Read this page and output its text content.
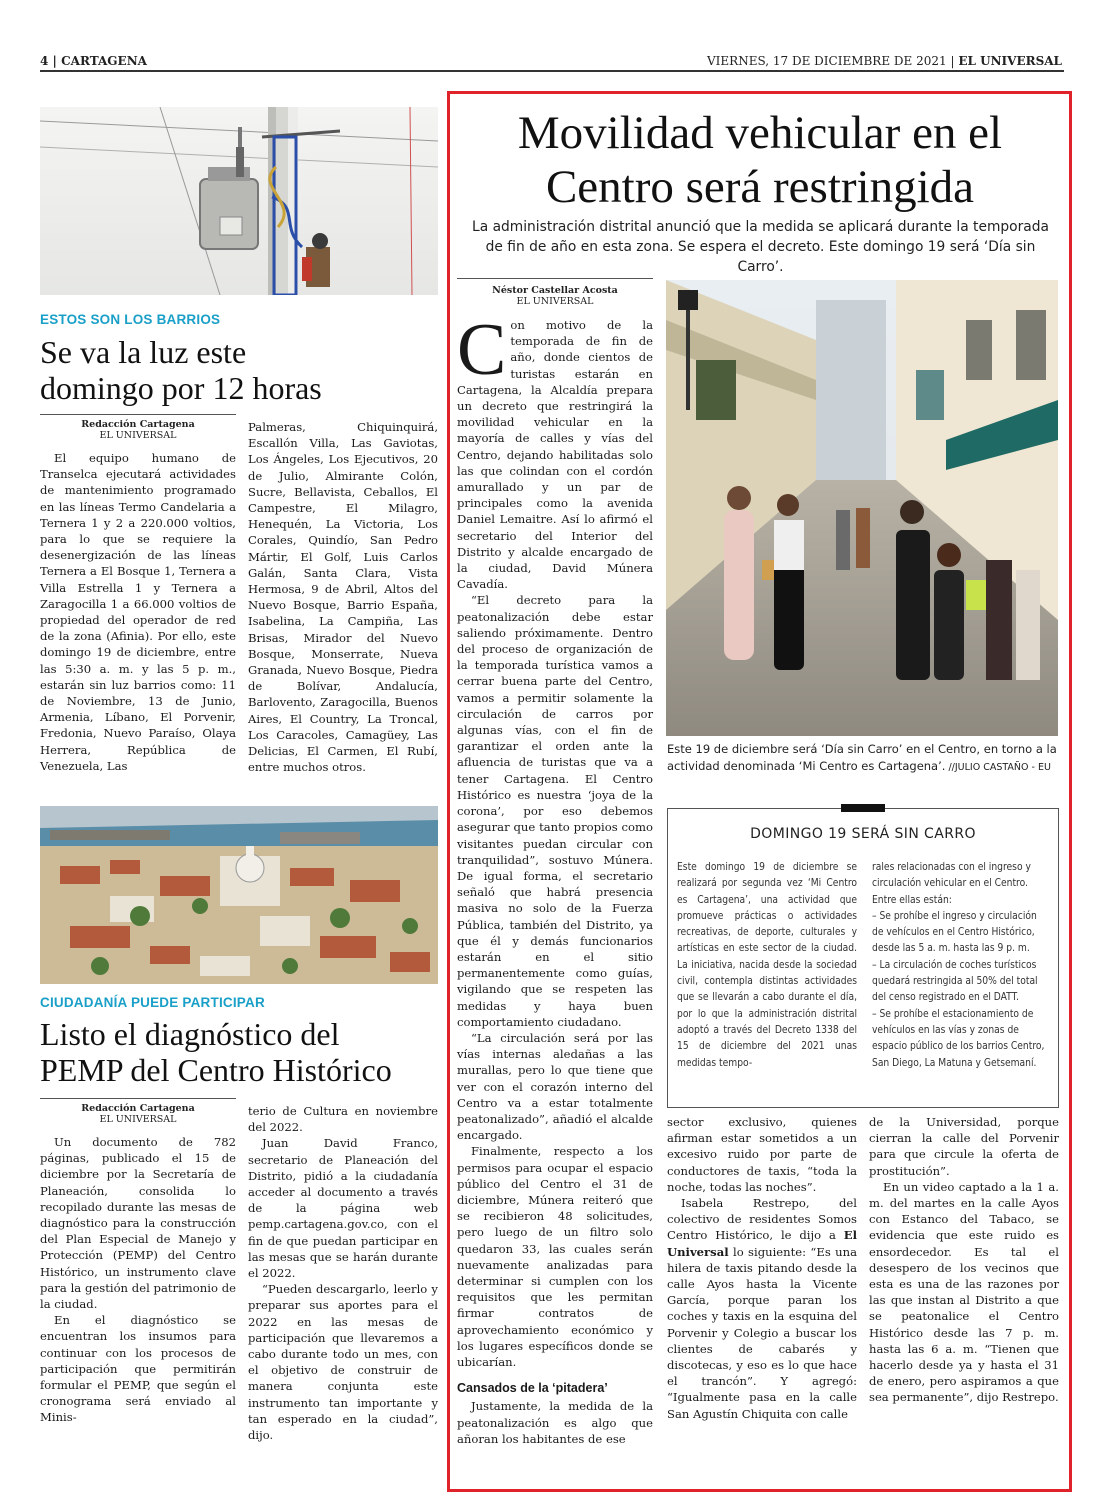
4 | CARTAGENA	VIERNES, 17 DE DICIEMBRE DE 2021 | EL UNIVERSAL
ESTOS SON LOS BARRIOS
Se va la luz este
domingo por 12 horas
Redacción Cartagena
EL UNIVERSAL

El equipo humano de Transelca ejecutará actividades de mantenimiento programado en las líneas Termo Candelaria a Ternera 1 y 2 a 220.000 voltios, para lo que se requiere la desenergización de las líneas Ternera a El Bosque 1, Ternera a Villa Estrella 1 y Ternera a Zaragocilla 1 a 66.000 voltios de propiedad del operador de red de la zona (Afinia). Por ello, este domingo 19 de diciembre, entre las 5:30 a. m. y las 5 p. m., estarán sin luz barrios como: 11 de Noviembre, 13 de Junio, Armenia, Líbano, El Porvenir, Fredonia, Nuevo Paraíso, Olaya Herrera, República de Venezuela, Las

Palmeras, Chiquinquirá, Escallón Villa, Las Gaviotas, Los Ángeles, Los Ejecutivos, 20 de Julio, Almirante Colón, Sucre, Bellavista, Ceballos, El Campestre, El Milagro, Henequén, La Victoria, Los Corales, Quindío, San Pedro Mártir, El Golf, Luis Carlos Galán, Santa Clara, Vista Hermosa, 9 de Abril, Altos del Nuevo Bosque, Barrio España, Isabelina, La Campiña, Las Brisas, Mirador del Nuevo Bosque, Monserrate, Nueva Granada, Nuevo Bosque, Piedra de Bolívar, Andalucía, Barlovento, Zaragocilla, Buenos Aires, El Country, La Troncal, Los Caracoles, Camagüey, Las Delicias, El Carmen, El Rubí, entre muchos otros.

CIUDADANÍA PUEDE PARTICIPAR
Listo el diagnóstico del
PEMP del Centro Histórico
Redacción Cartagena
EL UNIVERSAL

Un documento de 782 páginas, publicado el 15 de diciembre por la Secretaría de Planeación, consolida lo recopilado durante las mesas de diagnóstico para la construcción del Plan Especial de Manejo y Protección (PEMP) del Centro Histórico, un instrumento clave para la gestión del patrimonio de la ciudad.

En el diagnóstico se encuentran los insumos para continuar con los procesos de participación que permitirán formular el PEMP, que según el cronograma será enviado al Minis-

terio de Cultura en noviembre del 2022.

Juan David Franco, secretario de Planeación del Distrito, pidió a la ciudadanía acceder al documento a través de la página web pemp.cartagena.gov.co, con el fin de que puedan participar en las mesas que se harán durante el 2022.

“Pueden descargarlo, leerlo y preparar sus aportes para el 2022 en las mesas de participación que llevaremos a cabo durante todo un mes, con el objetivo de construir de manera conjunta este instrumento tan importante y tan esperado en la ciudad”, dijo.

Movilidad vehicular en el
Centro será restringida
La administración distrital anunció que la medida se aplicará durante la temporada de fin de año en esta zona. Se espera el decreto. Este domingo 19 será ‘Día sin Carro’.
Néstor Castellar Acosta
EL UNIVERSAL

Con motivo de la temporada de fin de año, donde cientos de turistas estarán en Cartagena, la Alcaldía prepara un decreto que restringirá la movilidad vehicular en la mayoría de calles y vías del Centro, dejando habilitadas solo las que colindan con el cordón amurallado y un par de principales como la avenida Daniel Lemaitre. Así lo afirmó el secretario del Interior del Distrito y alcalde encargado de la ciudad, David Múnera Cavadía.

“El decreto para la peatonalización debe estar saliendo próximamente. Dentro del proceso de organización de la temporada turística vamos a cerrar buena parte del Centro, vamos a permitir solamente la circulación de carros por algunas vías, con el fin de garantizar el orden ante la afluencia de turistas que va a tener Cartagena. El Centro Histórico es nuestra ‘joya de la corona’, por eso debemos asegurar que tanto propios como visitantes puedan circular con tranquilidad”, sostuvo Múnera. De igual forma, el secretario señaló que habrá presencia masiva no solo de la Fuerza Pública, también del Distrito, ya que él y demás funcionarios estarán en el sitio permanentemente como guías, vigilando que se respeten las medidas y haya buen comportamiento ciudadano.

“La circulación será por las vías internas aledañas a las murallas, pero lo que tiene que ver con el corazón interno del Centro va a estar totalmente peatonalizado”, añadió el alcalde encargado.

Finalmente, respecto a los permisos para ocupar el espacio público del Centro el 31 de diciembre, Múnera reiteró que se recibieron 48 solicitudes, pero luego de un filtro solo quedaron 33, las cuales serán nuevamente analizadas para determinar si cumplen con los requisitos que les permitan firmar contratos de aprovechamiento económico y los lugares específicos donde se ubicarían.

Cansados de la ‘pitadera’

Justamente, la medida de la peatonalización es algo que añoran los habitantes de ese

Este 19 de diciembre será ‘Día sin Carro’ en el Centro, en torno a la actividad denominada ‘Mi Centro es Cartagena’. //JULIO CASTAÑO - EU
DOMINGO 19 SERÁ SIN CARRO
Este domingo 19 de diciembre se realizará por segunda vez ‘Mi Centro es Cartagena’, una actividad que promueve prácticas o actividades recreativas, de deporte, culturales y artísticas en este sector de la ciudad. La iniciativa, nacida desde la sociedad civil, contempla distintas actividades que se llevarán a cabo durante el día, por lo que la administración distrital adoptó a través del Decreto 1338 del 15 de diciembre del 2021 unas medidas tempo-
rales relacionadas con el ingreso y circulación vehicular en el Centro.
Entre ellas están:
– Se prohíbe el ingreso y circulación de vehículos en el Centro Histórico, desde las 5 a. m. hasta las 9 p. m.
– La circulación de coches turísticos quedará restringida al 50% del total del censo registrado en el DATT.
– Se prohíbe el estacionamiento de vehículos en las vías y zonas de espacio público de los barrios Centro, San Diego, La Matuna y Getsemaní.

sector exclusivo, quienes afirman estar sometidos a un excesivo ruido por parte de conductores de taxis, “toda la noche, todas las noches”.

Isabela Restrepo, del colectivo de residentes Somos Centro Histórico, le dijo a El Universal lo siguiente: “Es una hilera de taxis pitando desde la calle Ayos hasta la Vicente García, porque paran los coches y taxis en la esquina del Porvenir y Colegio a buscar los clientes de cabarés y discotecas, y eso es lo que hace el trancón”. Y agregó: “Igualmente pasa en la calle San Agustín Chiquita con calle

de la Universidad, porque cierran la calle del Porvenir para que circule la oferta de prostitución”.

En un video captado a la 1 a. m. del martes en la calle Ayos con Estanco del Tabaco, se evidencia que este ruido es ensordecedor. Es tal el desespero de los vecinos que esta es una de las razones por las que instan al Distrito a que se peatonalice el Centro Histórico desde las 7 p. m. hasta las 6 a. m. “Tienen que hacerlo desde ya y hasta el 31 de enero, pero aspiramos a que sea permanente”, dijo Restrepo.
